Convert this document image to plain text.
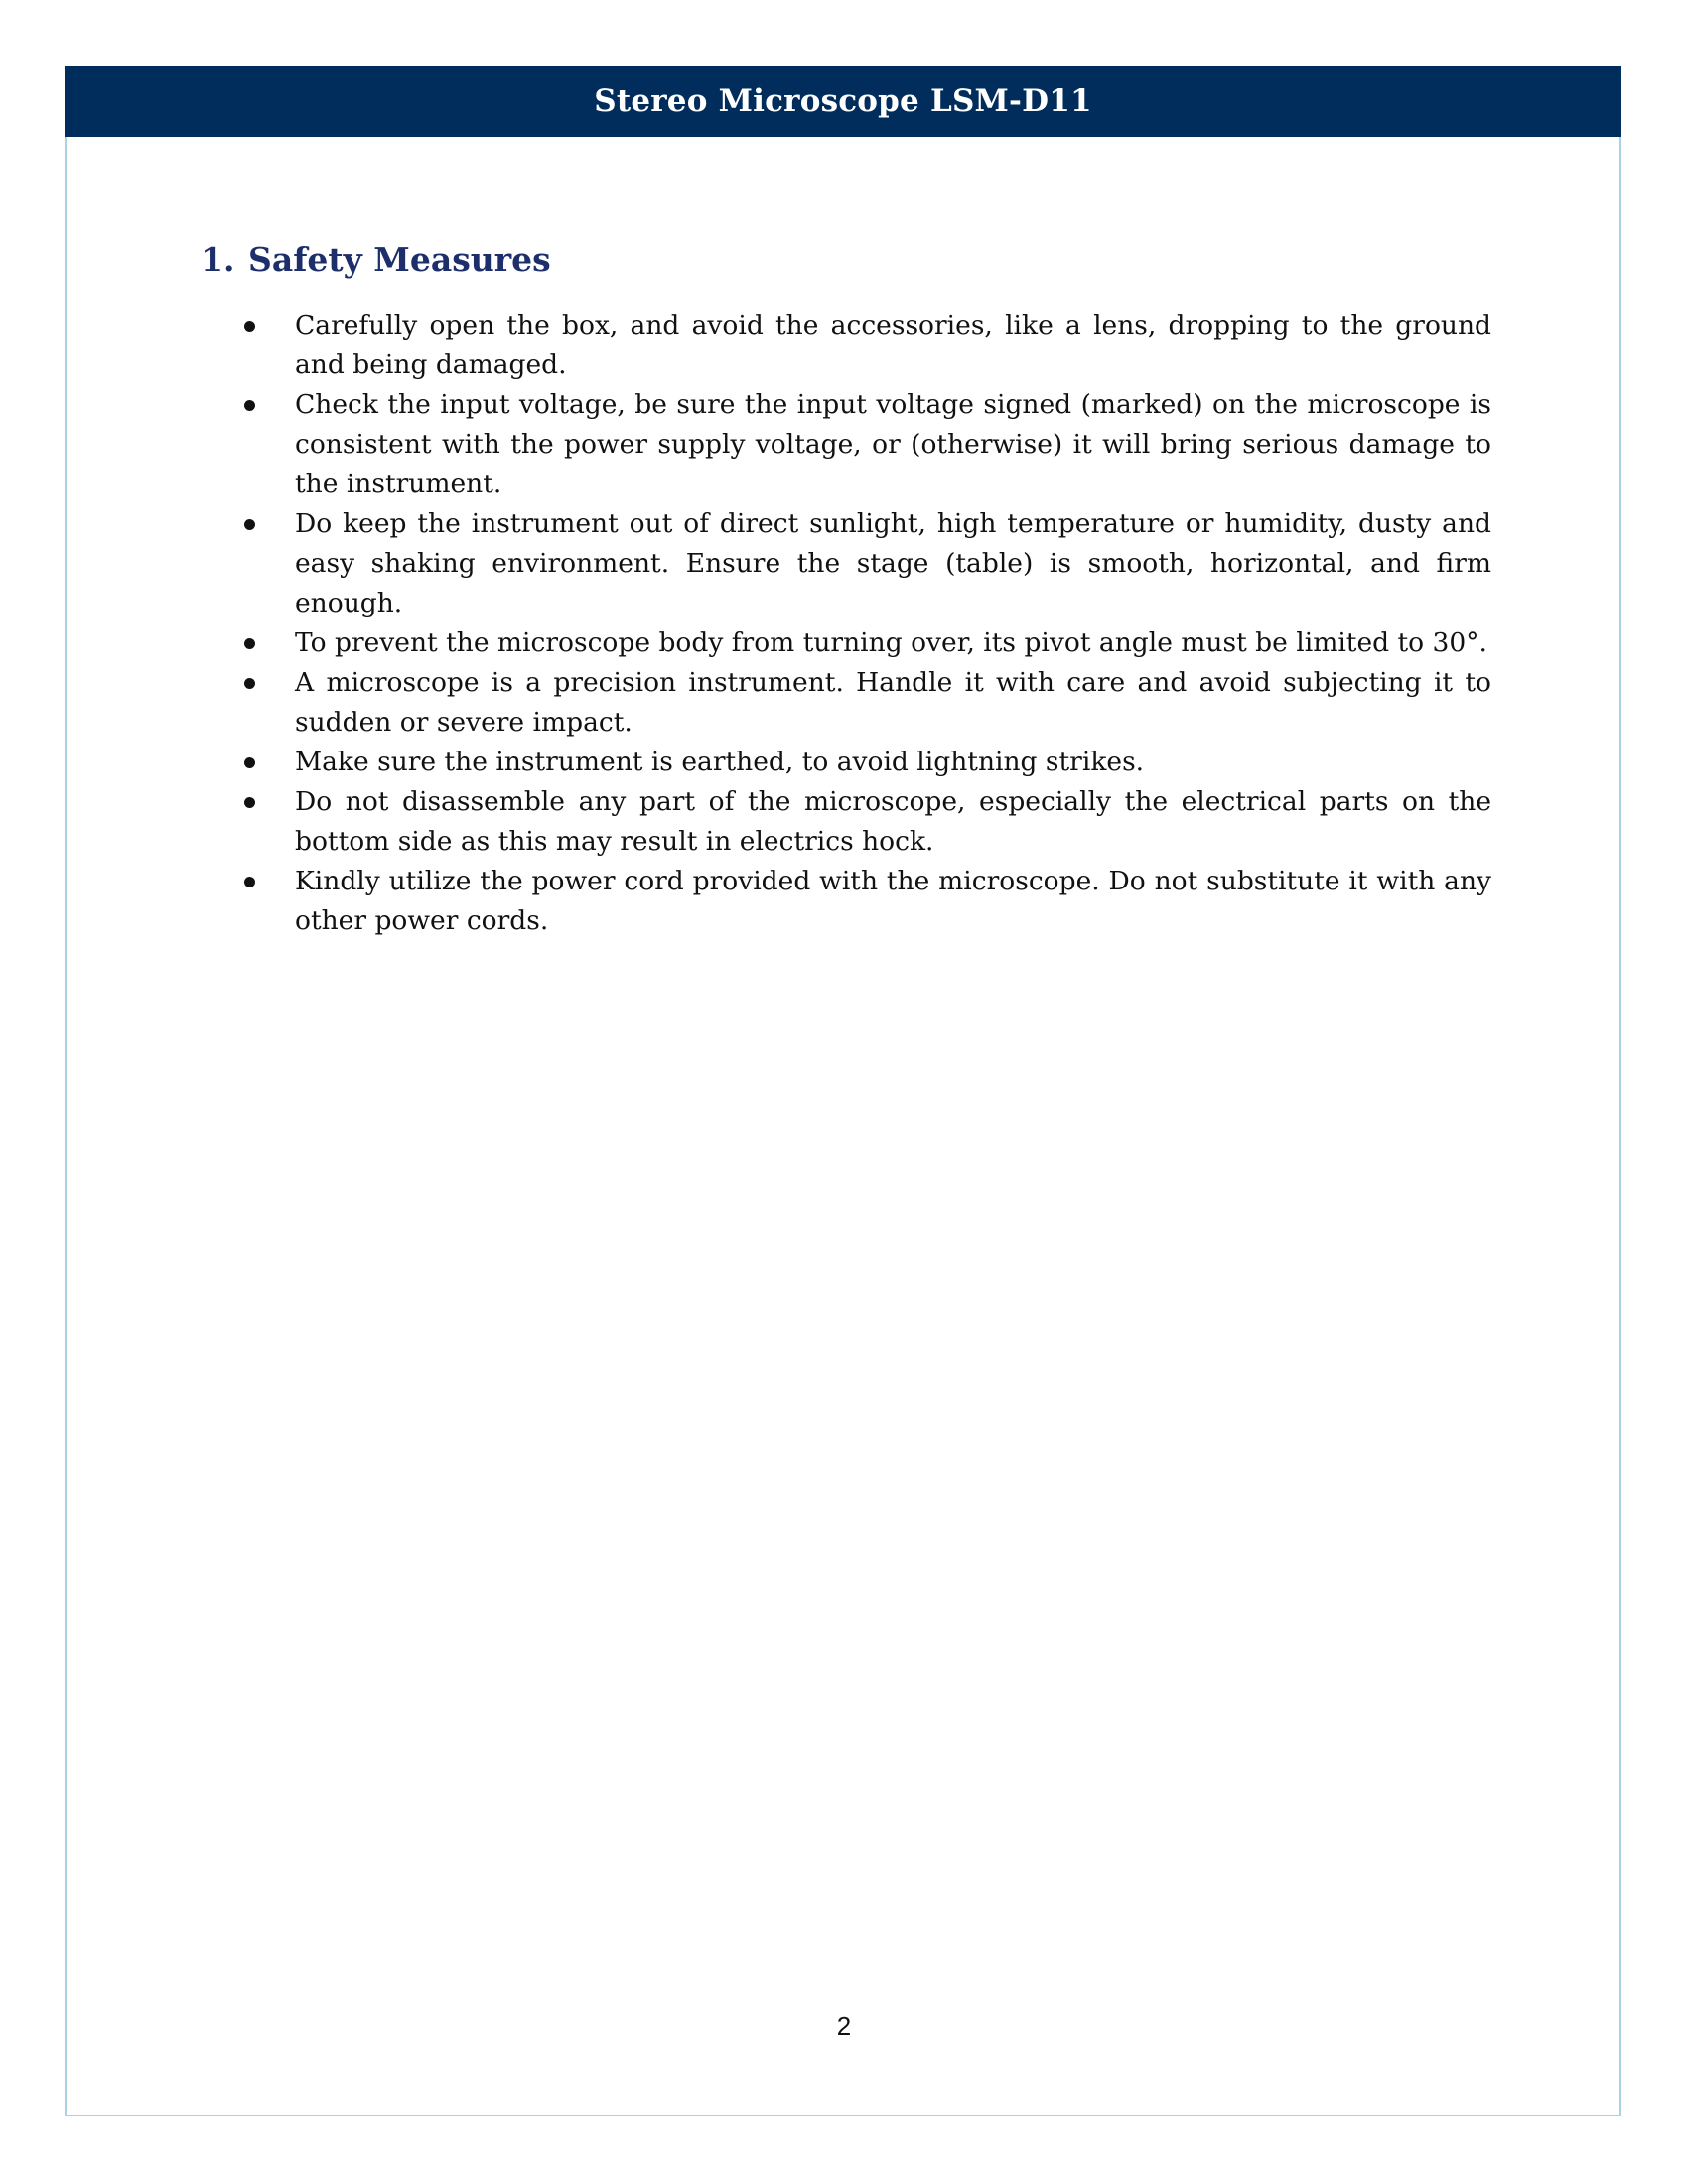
Stereo Microscope LSM-D11
1. Safety Measures
Carefully open the box, and avoid the accessories, like a lens, dropping to the ground and being damaged.
Check the input voltage, be sure the input voltage signed (marked) on the microscope is consistent with the power supply voltage, or (otherwise) it will bring serious damage to the instrument.
Do keep the instrument out of direct sunlight, high temperature or humidity, dusty and easy shaking environment. Ensure the stage (table) is smooth, horizontal, and firm enough.
To prevent the microscope body from turning over, its pivot angle must be limited to 30°.
A microscope is a precision instrument. Handle it with care and avoid subjecting it to sudden or severe impact.
Make sure the instrument is earthed, to avoid lightning strikes.
Do not disassemble any part of the microscope, especially the electrical parts on the bottom side as this may result in electrics hock.
Kindly utilize the power cord provided with the microscope. Do not substitute it with any other power cords.
2
